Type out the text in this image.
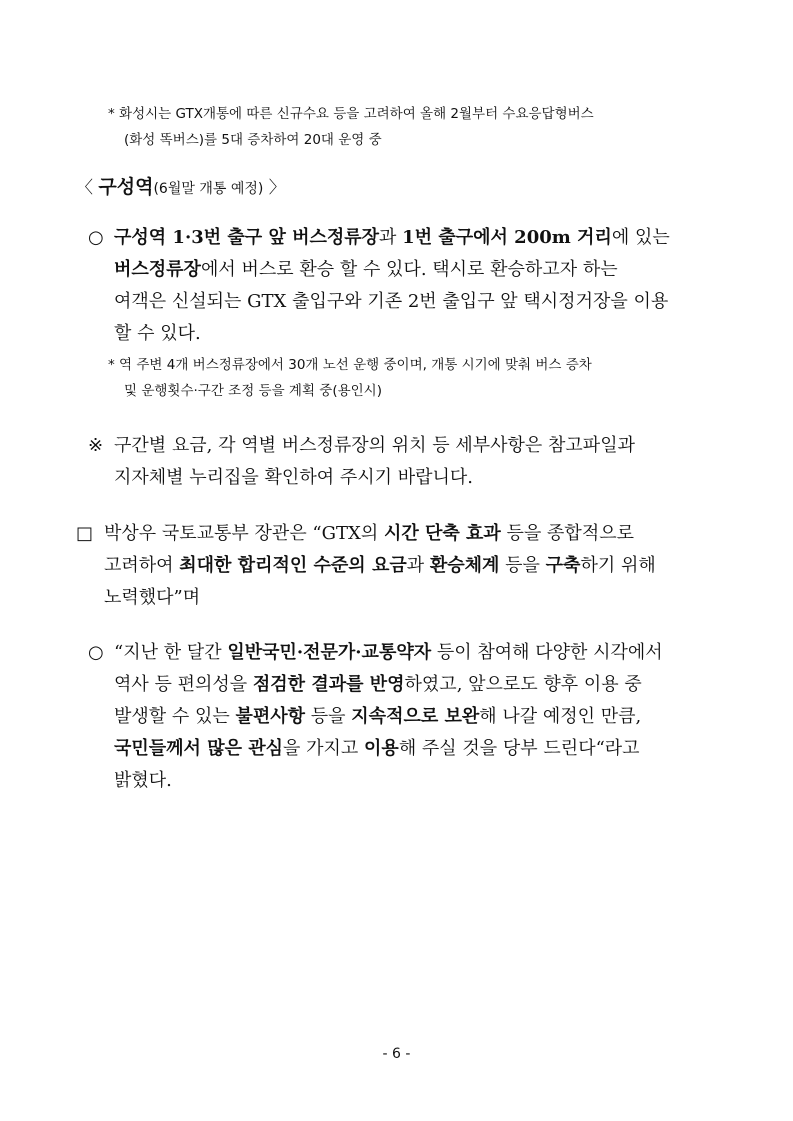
* 화성시는 GTX개통에 따른 신규수요 등을 고려하여 올해 2월부터 수요응답형버스
(화성 똑버스)를 5대 증차하여 20대 운영 중
〈 구성역(6월말 개통 예정) 〉
○ 구성역 1·3번 출구 앞 버스정류장과 1번 출구에서 200m 거리에 있는
버스정류장에서 버스로 환승 할 수 있다. 택시로 환승하고자 하는
여객은 신설되는 GTX 출입구와 기존 2번 출입구 앞 택시정거장을 이용
할 수 있다.
* 역 주변 4개 버스정류장에서 30개 노선 운행 중이며, 개통 시기에 맞춰 버스 증차
및 운행횟수·구간 조정 등을 계획 중(용인시)
※ 구간별 요금, 각 역별 버스정류장의 위치 등 세부사항은 참고파일과
지자체별 누리집을 확인하여 주시기 바랍니다.
□ 박상우 국토교통부 장관은 “GTX의 시간 단축 효과 등을 종합적으로
고려하여 최대한 합리적인 수준의 요금과 환승체계 등을 구축하기 위해
노력했다”며
○ “지난 한 달간 일반국민·전문가·교통약자 등이 참여해 다양한 시각에서
역사 등 편의성을 점검한 결과를 반영하였고, 앞으로도 향후 이용 중
발생할 수 있는 불편사항 등을 지속적으로 보완해 나갈 예정인 만큼,
국민들께서 많은 관심을 가지고 이용해 주실 것을 당부 드린다“라고
밝혔다.
- 6 -
